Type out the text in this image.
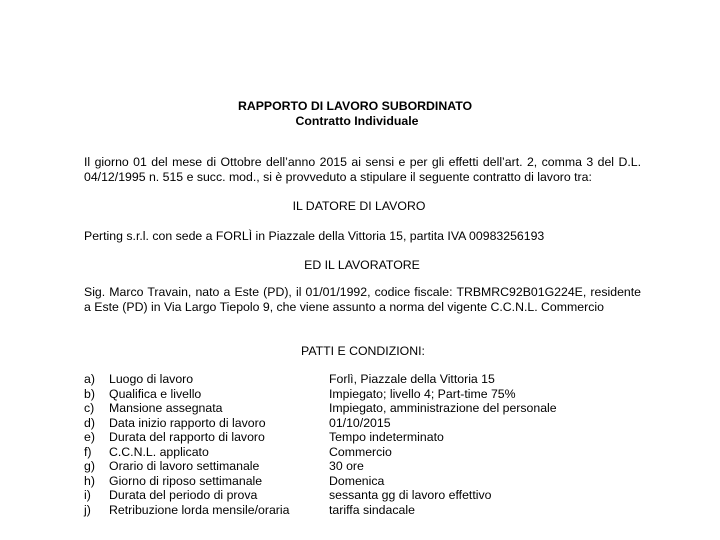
RAPPORTO DI LAVORO SUBORDINATO
Contratto Individuale
Il giorno 01 del mese di Ottobre dell’anno 2015 ai sensi e per gli effetti dell’art. 2, comma 3 del D.L. 04/12/1995 n. 515 e succ. mod., si è provveduto a stipulare il seguente contratto di lavoro tra:
IL DATORE DI LAVORO
Perting s.r.l. con sede a FORLÌ in Piazzale della Vittoria 15, partita IVA 00983256193
ED IL LAVORATORE
Sig. Marco Travain, nato a Este (PD), il 01/01/1992, codice fiscale: TRBMRC92B01G224E, residente a Este (PD) in Via Largo Tiepolo 9, che viene assunto a norma del vigente C.C.N.L. Commercio
PATTI E CONDIZIONI:
a)	Luogo di lavoro	Forlì, Piazzale della Vittoria 15
b)	Qualifica e livello	Impiegato; livello 4; Part-time 75%
c)	Mansione assegnata	Impiegato, amministrazione del personale
d)	Data inizio rapporto di lavoro	01/10/2015
e)	Durata del rapporto di lavoro	Tempo indeterminato
f)	C.C.N.L. applicato	Commercio
g)	Orario di lavoro settimanale	30 ore
h)	Giorno di riposo settimanale	Domenica
i)	Durata del periodo di prova	sessanta gg di lavoro effettivo
j)	Retribuzione lorda mensile/oraria	tariffa sindacale
